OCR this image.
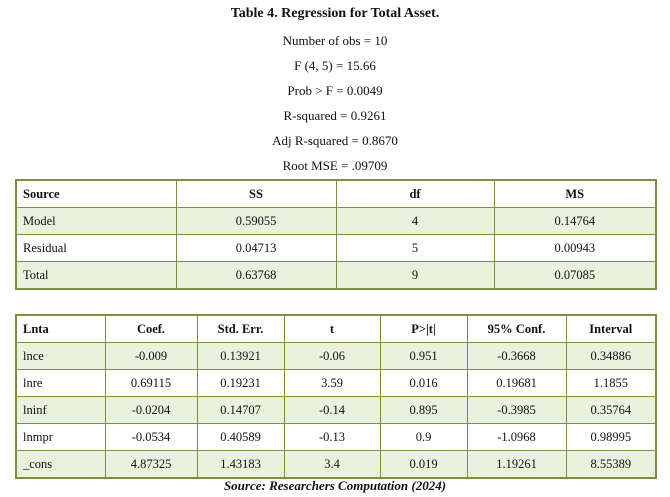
Table 4. Regression for Total Asset.
Number of obs = 10
F (4, 5) = 15.66
Prob > F = 0.0049
R-squared = 0.9261
Adj R-squared = 0.8670
Root MSE = .09709
Source	SS	df	MS
Model	0.59055	4	0.14764
Residual	0.04713	5	0.00943
Total	0.63768	9	0.07085
Lnta	Coef.	Std. Err.	t	P>|t|	95% Conf.	Interval
lnce	-0.009	0.13921	-0.06	0.951	-0.3668	0.34886
lnre	0.69115	0.19231	3.59	0.016	0.19681	1.1855
lninf	-0.0204	0.14707	-0.14	0.895	-0.3985	0.35764
lnmpr	-0.0534	0.40589	-0.13	0.9	-1.0968	0.98995
_cons	4.87325	1.43183	3.4	0.019	1.19261	8.55389
Source: Researchers Computation (2024)
